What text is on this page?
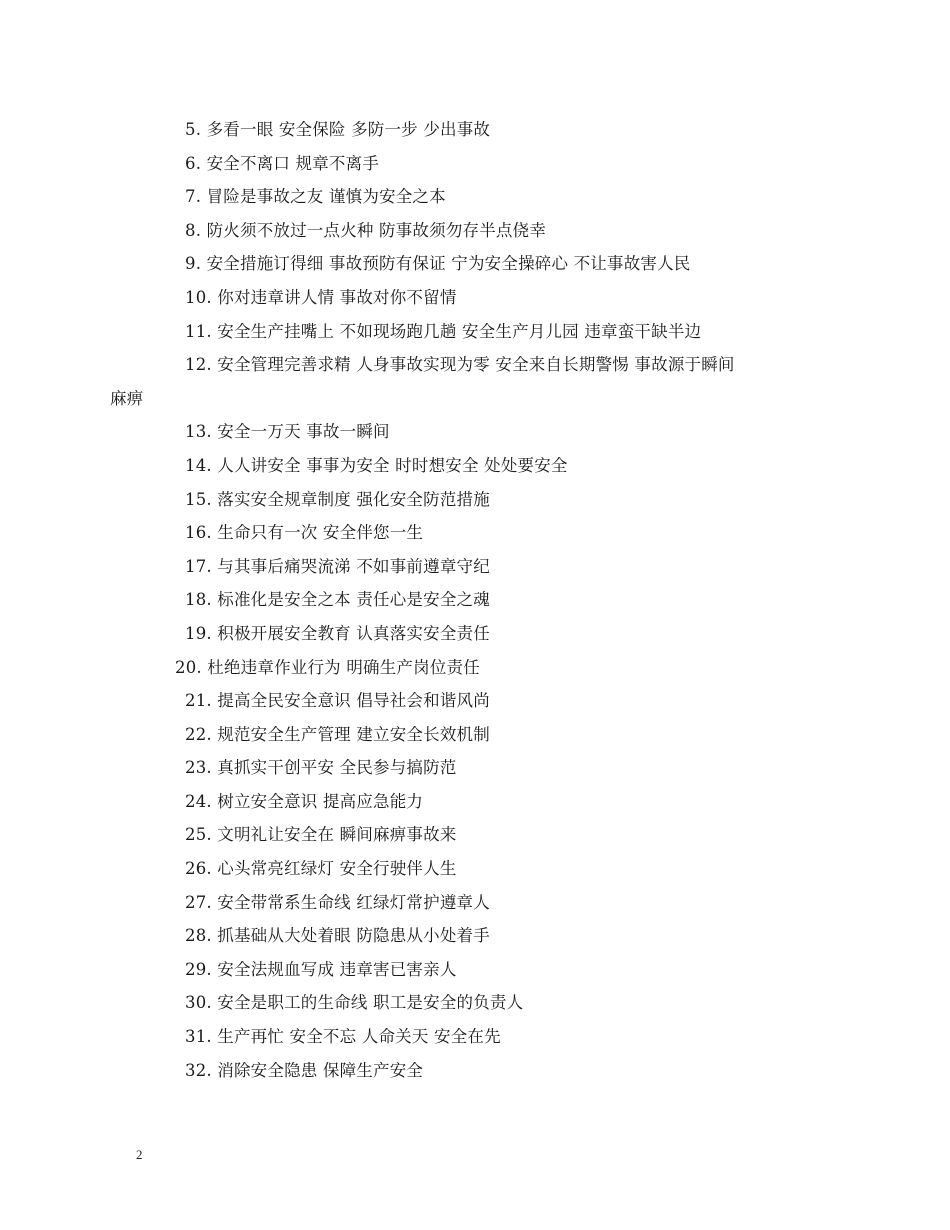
5. 多看一眼 安全保险 多防一步 少出事故
6. 安全不离口 规章不离手
7. 冒险是事故之友 谨慎为安全之本
8. 防火须不放过一点火种 防事故须勿存半点侥幸
9. 安全措施订得细 事故预防有保证 宁为安全操碎心 不让事故害人民
10. 你对违章讲人情 事故对你不留情
11. 安全生产挂嘴上 不如现场跑几趟 安全生产月儿园 违章蛮干缺半边
12. 安全管理完善求精 人身事故实现为零 安全来自长期警惕 事故源于瞬间
麻痹
13. 安全一万天 事故一瞬间
14. 人人讲安全 事事为安全 时时想安全 处处要安全
15. 落实安全规章制度 强化安全防范措施
16. 生命只有一次 安全伴您一生
17. 与其事后痛哭流涕 不如事前遵章守纪
18. 标准化是安全之本 责任心是安全之魂
19. 积极开展安全教育 认真落实安全责任
20. 杜绝违章作业行为 明确生产岗位责任
21. 提高全民安全意识 倡导社会和谐风尚
22. 规范安全生产管理 建立安全长效机制
23. 真抓实干创平安 全民参与搞防范
24. 树立安全意识 提高应急能力
25. 文明礼让安全在 瞬间麻痹事故来
26. 心头常亮红绿灯 安全行驶伴人生
27. 安全带常系生命线 红绿灯常护遵章人
28. 抓基础从大处着眼 防隐患从小处着手
29. 安全法规血写成 违章害已害亲人
30. 安全是职工的生命线 职工是安全的负责人
31. 生产再忙 安全不忘 人命关天 安全在先
32. 消除安全隐患 保障生产安全
2
